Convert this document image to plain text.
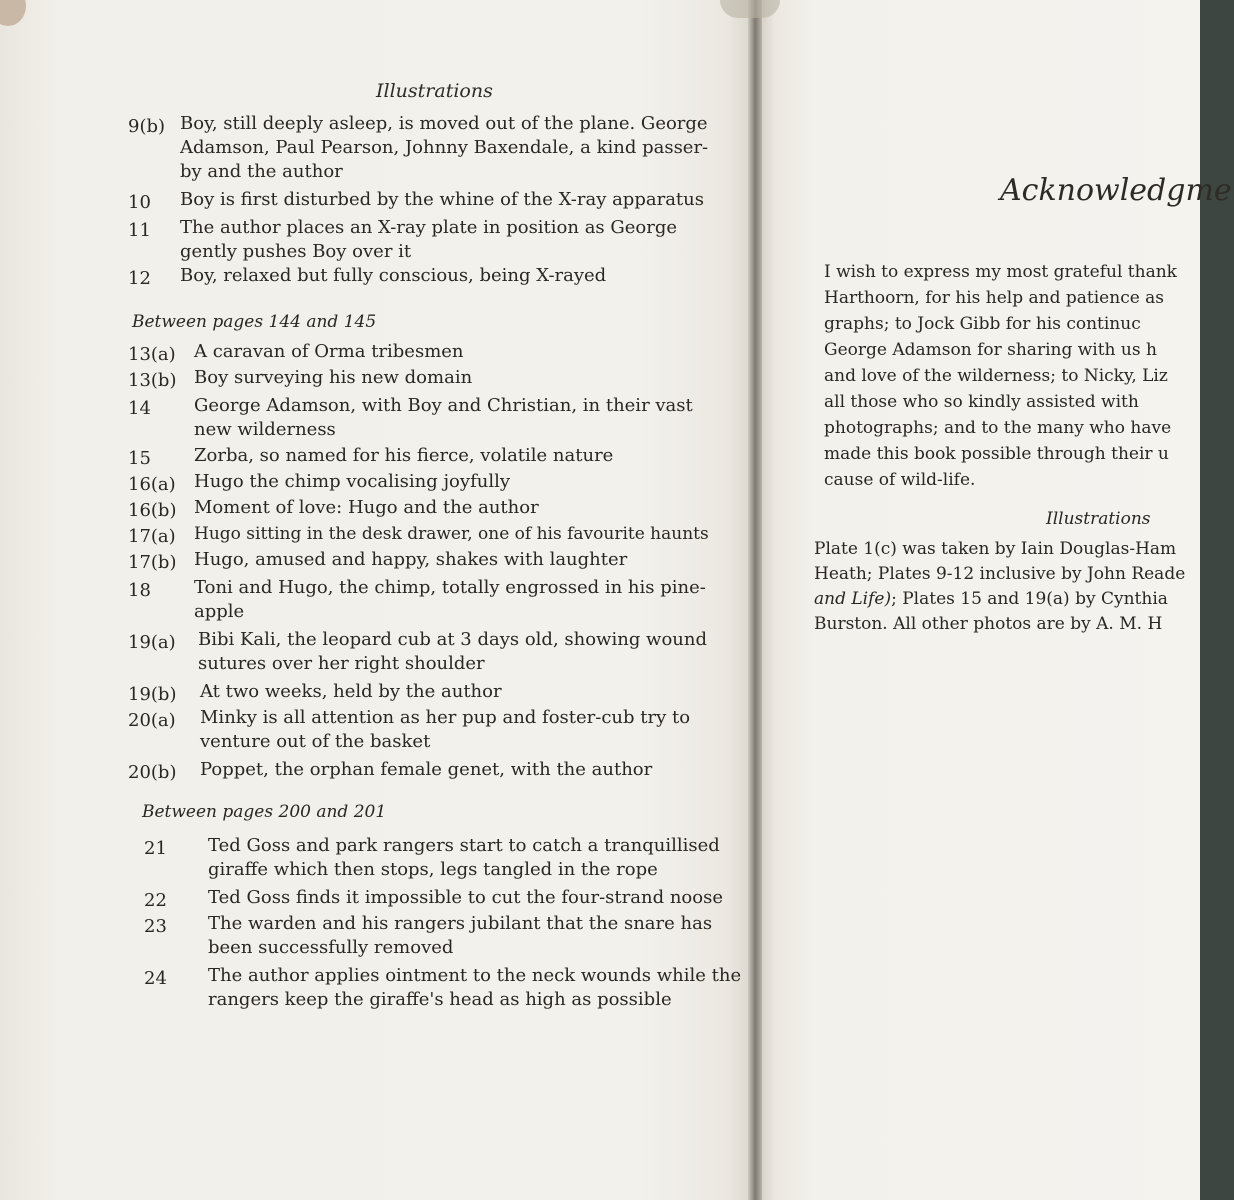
Illustrations
9(b) Boy, still deeply asleep, is moved out of the plane. George
Adamson, Paul Pearson, Johnny Baxendale, a kind passer-
by and the author
10 Boy is first disturbed by the whine of the X-ray apparatus
11 The author places an X-ray plate in position as George
gently pushes Boy over it
12 Boy, relaxed but fully conscious, being X-rayed
Between pages 144 and 145
13(a) A caravan of Orma tribesmen
13(b) Boy surveying his new domain
14 George Adamson, with Boy and Christian, in their vast
new wilderness
15 Zorba, so named for his fierce, volatile nature
16(a) Hugo the chimp vocalising joyfully
16(b) Moment of love: Hugo and the author
17(a) Hugo sitting in the desk drawer, one of his favourite haunts
17(b) Hugo, amused and happy, shakes with laughter
18 Toni and Hugo, the chimp, totally engrossed in his pine-
apple
19(a) Bibi Kali, the leopard cub at 3 days old, showing wound
sutures over her right shoulder
19(b) At two weeks, held by the author
20(a) Minky is all attention as her pup and foster-cub try to
venture out of the basket
20(b) Poppet, the orphan female genet, with the author
Between pages 200 and 201
21 Ted Goss and park rangers start to catch a tranquillised
giraffe which then stops, legs tangled in the rope
22 Ted Goss finds it impossible to cut the four-strand noose
23 The warden and his rangers jubilant that the snare has
been successfully removed
24 The author applies ointment to the neck wounds while the
rangers keep the giraffe's head as high as possible
Acknowledgme
I wish to express my most grateful thank
Harthoorn, for his help and patience as
graphs; to Jock Gibb for his continuc
George Adamson for sharing with us h
and love of the wilderness; to Nicky, Liz
all those who so kindly assisted with
photographs; and to the many who have
made this book possible through their u
cause of wild-life.
Illustrations
Plate 1(c) was taken by Iain Douglas-Ham
Heath; Plates 9-12 inclusive by John Reade
and Life); Plates 15 and 19(a) by Cynthia
Burston. All other photos are by A. M. H
